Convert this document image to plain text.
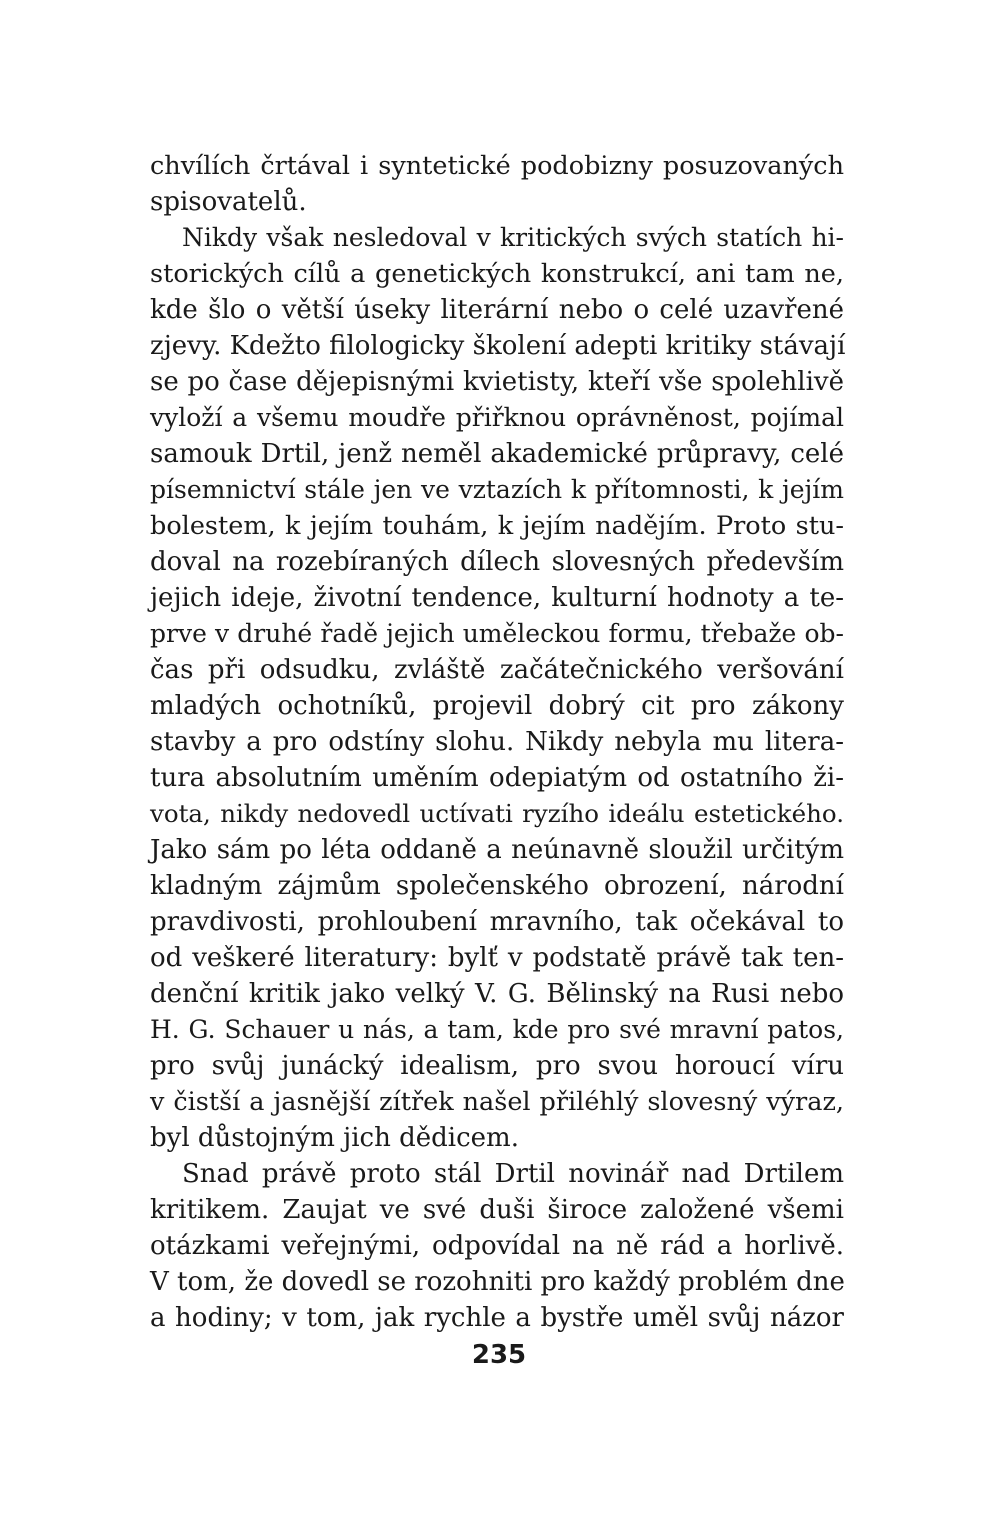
chvílích črtával i syntetické podobizny posuzovaných
spisovatelů.
Nikdy však nesledoval v kritických svých statích hi-
storických cílů a genetických konstrukcí, ani tam ne,
kde šlo o větší úseky literární nebo o celé uzavřené
zjevy. Kdežto filologicky školení adepti kritiky stávají
se po čase dějepisnými kvietisty, kteří vše spolehlivě
vyloží a všemu moudře přiřknou oprávněnost, pojímal
samouk Drtil, jenž neměl akademické průpravy, celé
písemnictví stále jen ve vztazích k přítomnosti, k jejím
bolestem, k jejím touhám, k jejím nadějím. Proto stu-
doval na rozebíraných dílech slovesných především
jejich ideje, životní tendence, kulturní hodnoty a te-
prve v druhé řadě jejich uměleckou formu, třebaže ob-
čas při odsudku, zvláště začátečnického veršování
mladých ochotníků, projevil dobrý cit pro zákony
stavby a pro odstíny slohu. Nikdy nebyla mu litera-
tura absolutním uměním odepiatým od ostatního ži-
vota, nikdy nedovedl uctívati ryzího ideálu estetického.
Jako sám po léta oddaně a neúnavně sloužil určitým
kladným zájmům společenského obrození, národní
pravdivosti, prohloubení mravního, tak očekával to
od veškeré literatury: bylť v podstatě právě tak ten-
denční kritik jako velký V. G. Bělinský na Rusi nebo
H. G. Schauer u nás, a tam, kde pro své mravní patos,
pro svůj junácký idealism, pro svou horoucí víru
v čistší a jasnější zítřek našel přiléhlý slovesný výraz,
byl důstojným jich dědicem.
Snad právě proto stál Drtil novinář nad Drtilem
kritikem. Zaujat ve své duši široce založené všemi
otázkami veřejnými, odpovídal na ně rád a horlivě.
V tom, že dovedl se rozohniti pro každý problém dne
a hodiny; v tom, jak rychle a bystře uměl svůj názor
235
